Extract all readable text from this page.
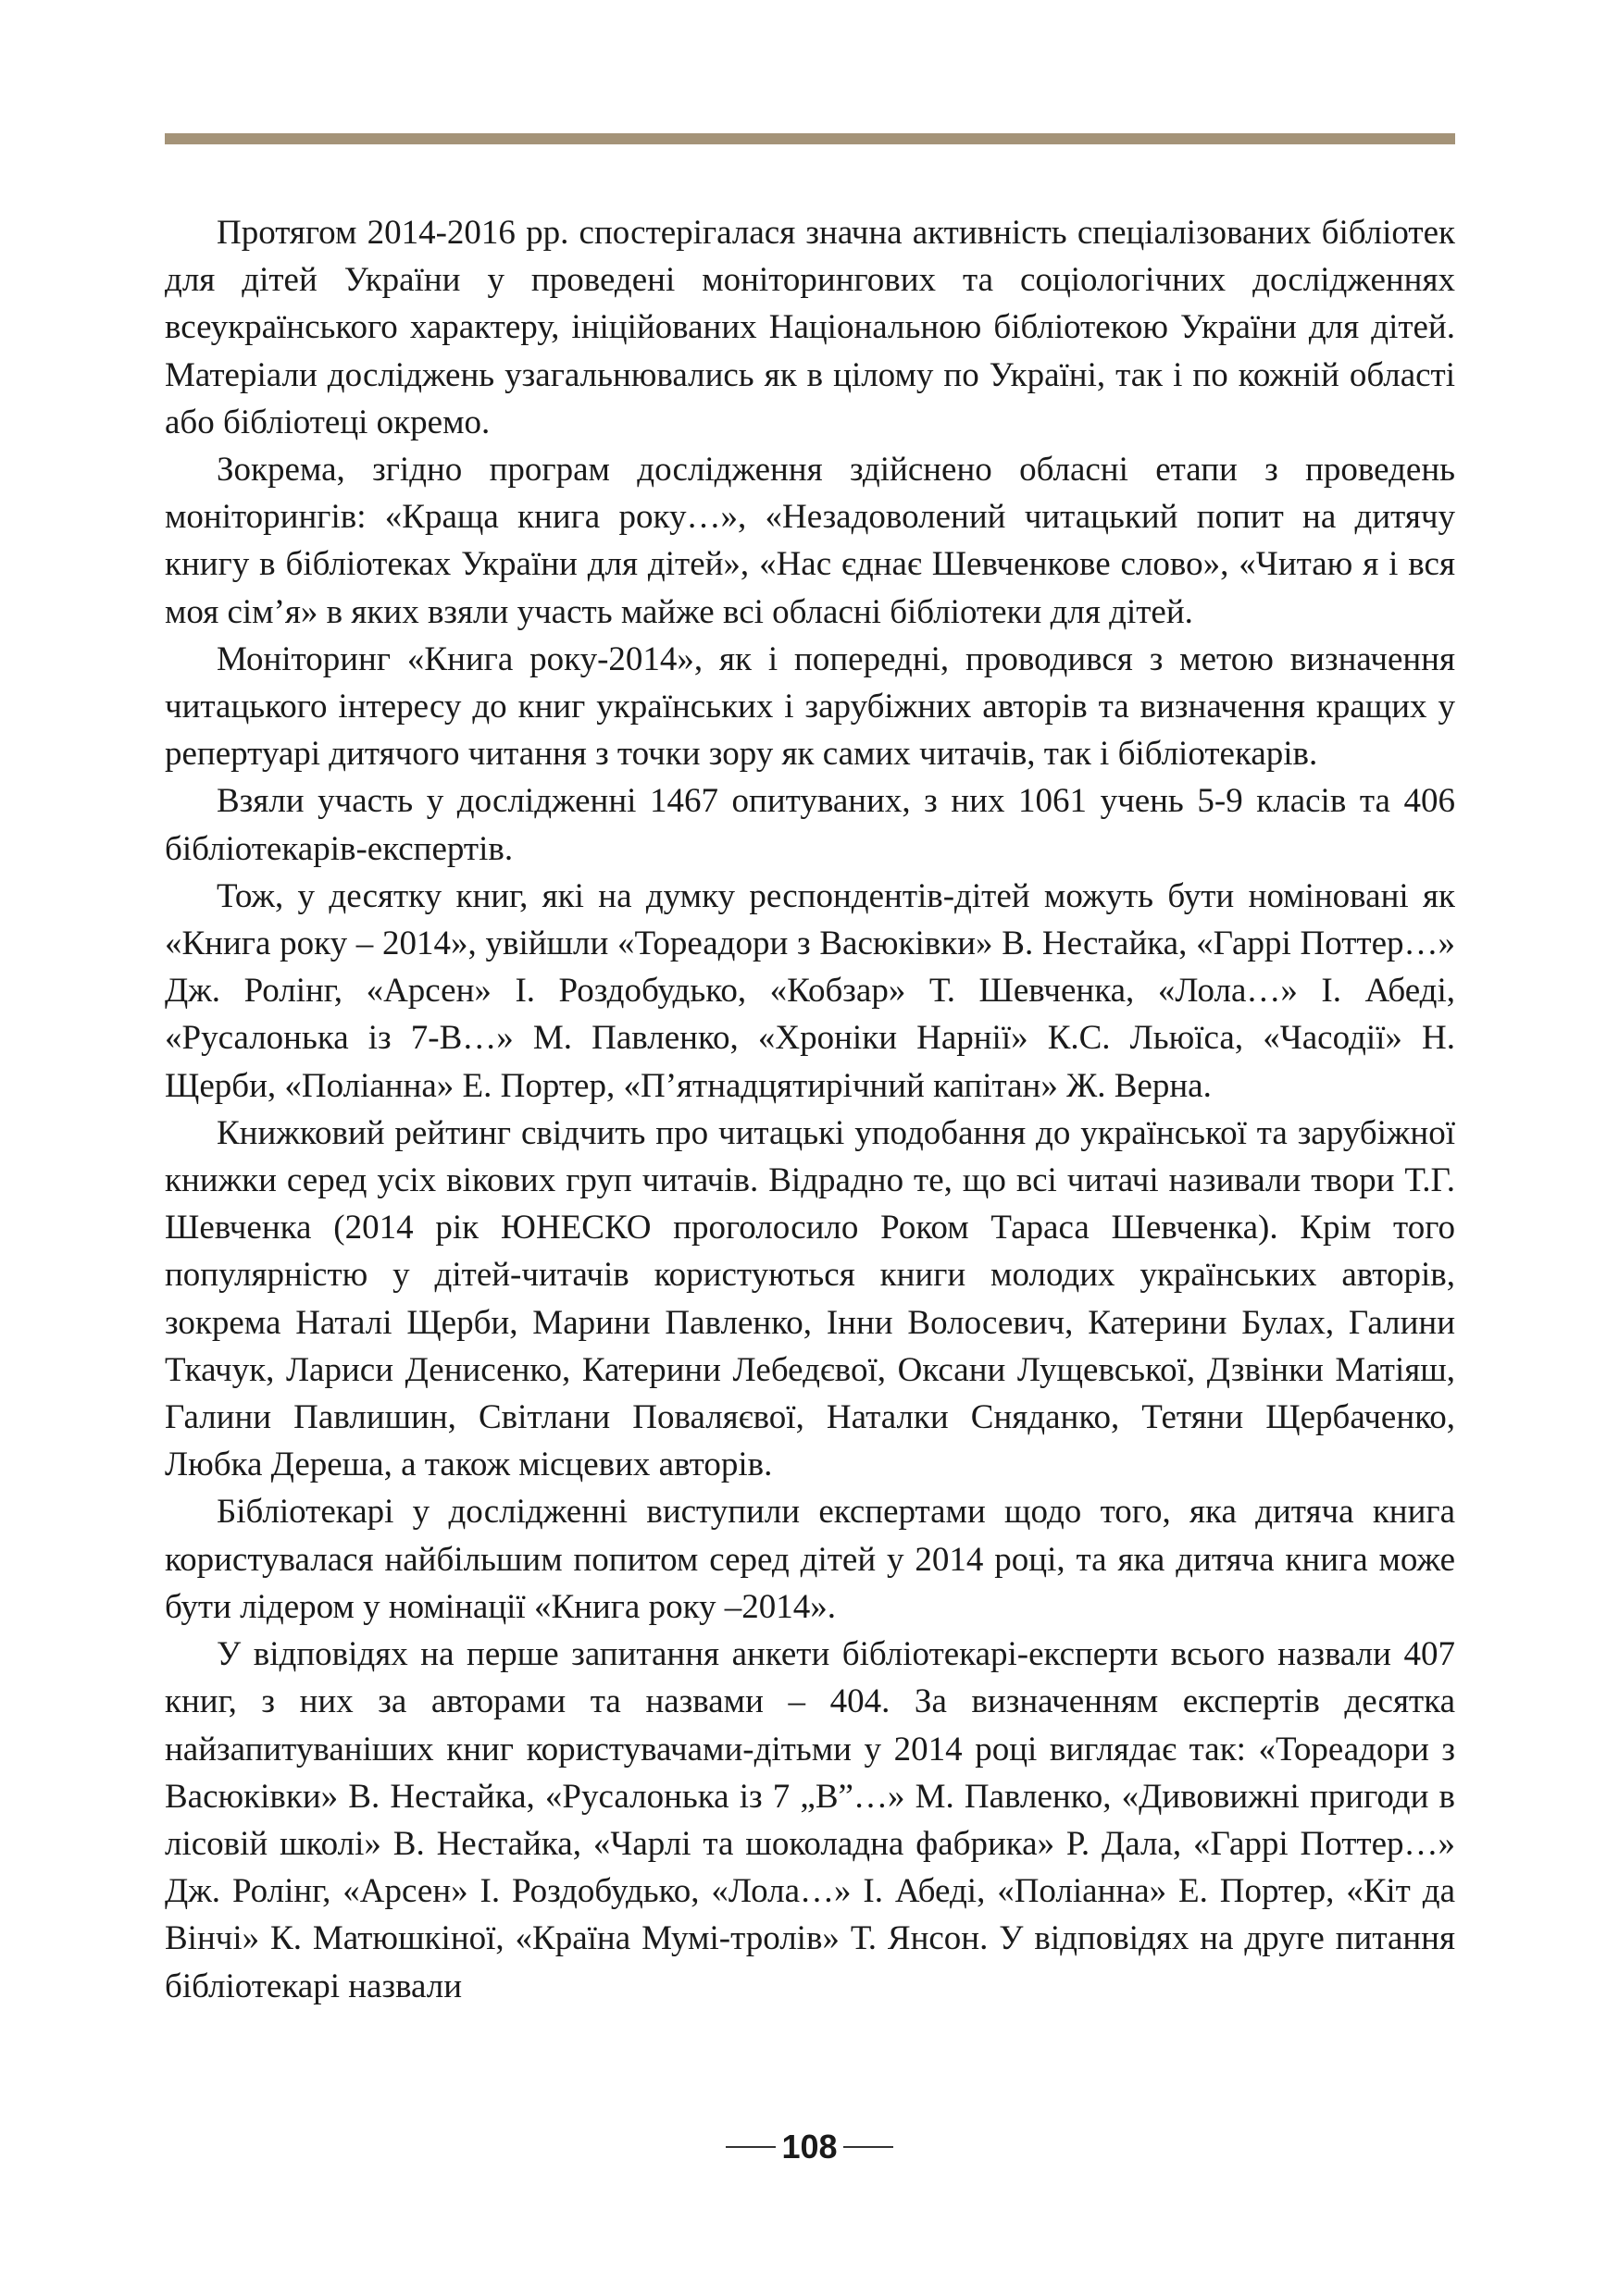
Протягом 2014-2016 рр. спостерігалася значна активність спеціалізованих бібліотек для дітей України у проведені моніторингових та соціологічних дослідженнях всеукраїнського характеру, ініційованих Національною бібліотекою України для дітей. Матеріали досліджень узагальнювались як в цілому по Україні, так і по кожній області або бібліотеці окремо.

Зокрема, згідно програм дослідження здійснено обласні етапи з проведень моніторингів: «Краща книга року…», «Незадоволений читацький попит на дитячу книгу в бібліотеках України для дітей», «Нас єднає Шевченкове слово», «Читаю я і вся моя сім’я» в яких взяли участь майже всі обласні бібліотеки для дітей.

Моніторинг «Книга року-2014», як і попередні, проводився з метою визначення читацького інтересу до книг українських і зарубіжних авторів та визначення кращих у репертуарі дитячого читання з точки зору як самих читачів, так і бібліотекарів.

Взяли участь у дослідженні 1467 опитуваних, з них 1061 учень 5-9 класів та 406 бібліотекарів-експертів.

Тож, у десятку книг, які на думку респондентів-дітей можуть бути номіновані як «Книга року – 2014», увійшли «Тореадори з Васюківки» В. Нестайка, «Гаррі Поттер…» Дж. Ролінг, «Арсен» І. Роздобудько, «Кобзар» Т. Шевченка, «Лола…» І. Абеді, «Русалонька із 7-В…» М. Павленко, «Хроніки Нарнії» К.С. Льюїса, «Часодії» Н. Щерби, «Поліанна» Е. Портер, «П’ятнадцятирічний капітан» Ж. Верна.

Книжковий рейтинг свідчить про читацькі уподобання до української та зарубіжної книжки серед усіх вікових груп читачів. Відрадно те, що всі читачі називали твори Т.Г. Шевченка (2014 рік ЮНЕСКО проголосило Роком Тараса Шевченка). Крім того популярністю у дітей-читачів користуються книги молодих українських авторів, зокрема Наталі Щерби, Марини Павленко, Інни Волосевич, Катерини Булах, Галини Ткачук, Лариси Денисенко, Катерини Лебедєвої, Оксани Лущевської, Дзвінки Матіяш, Галини Павлишин, Світлани Поваляєвої, Наталки Сняданко, Тетяни Щербаченко, Любка Дереша, а також місцевих авторів.

Бібліотекарі у дослідженні виступили експертами щодо того, яка дитяча книга користувалася найбільшим попитом серед дітей у 2014 році, та яка дитяча книга може бути лідером у номінації «Книга року –2014».

У відповідях на перше запитання анкети бібліотекарі-експерти всього назвали 407 книг, з них за авторами та назвами – 404. За визначенням експертів десятка найзапитуваніших книг користувачами-дітьми у 2014 році виглядає так: «Тореадори з Васюківки» В. Нестайка, «Русалонька із 7 „В”…» М. Павленко, «Дивовижні пригоди в лісовій школі» В. Нестайка, «Чарлі та шоколадна фабрика» Р. Дала, «Гаррі Поттер…» Дж. Ролінг, «Арсен» І. Роздобудько, «Лола…» І. Абеді, «Поліанна» Е. Портер, «Кіт да Вінчі» К. Матюшкіної, «Країна Мумі-тролів» Т. Янсон. У відповідях на друге питання бібліотекарі назвали

108
